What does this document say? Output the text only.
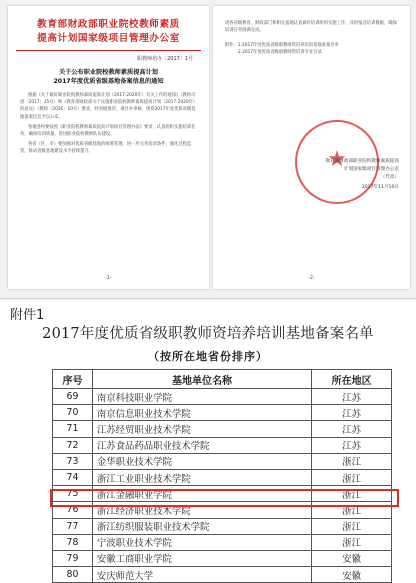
教育部财政部职业院校教师素质
提高计划国家级项目管理办公室
职教师培办〔2017〕1号
关于公布职业院校教师素质提高计划
2017年度优质省级基地备案信息的通知

根据《关于做好职业院校教师素质提高计划（2017-2020年）有关工作的通知》（教师司函〔2017〕35号）和《教育部财政部关于实施职业院校教师素质提高计划（2017-2020年）的意见》（教师〔2016〕10号）要求，经省级推荐、项目办审核，现将2017年度优质省级基地备案信息予以公布。

各地各校要按照《职业院校教师素质提高计划项目管理办法》要求，认真组织实施培训任务，确保培训质量，促进职业院校教师队伍建设。

各省（区、市）要加强对优质省级基地的统筹管理，进一步完善培训条件，强化过程监管，推动省级基地建设水平持续提升。

-1-

请各省级教育、财政部门和相关基地认真做好培训组织实施工作，及时报送培训数据，确保培训任务圆满完成。

附件：1.2017年度优质省级职教师资培养培训基地备案名单
2.2017年度优质省级职教师资培训专业目录
★
教育部财政部职业院校教师素质提高
计划国家级项目管理办公室
（代章）
2017年11月10日
-2-
附件1
2017年度优质省级职教师资培养培训基地备案名单
（按所在地省份排序）
序号	基地单位名称	所在地区
69	南京科技职业学院	江苏
70	南京信息职业技术学院	江苏
71	江苏经贸职业技术学院	江苏
72	江苏食品药品职业技术学院	江苏
73	金华职业技术学院	浙江
74	浙江工业职业技术学院	浙江
75	浙江金融职业学院	浙江
76	浙江经济职业技术学院	浙江
77	浙江纺织服装职业技术学院	浙江
78	宁波职业技术学院	浙江
79	安徽工商职业学院	安徽
80	安庆师范大学	安徽
